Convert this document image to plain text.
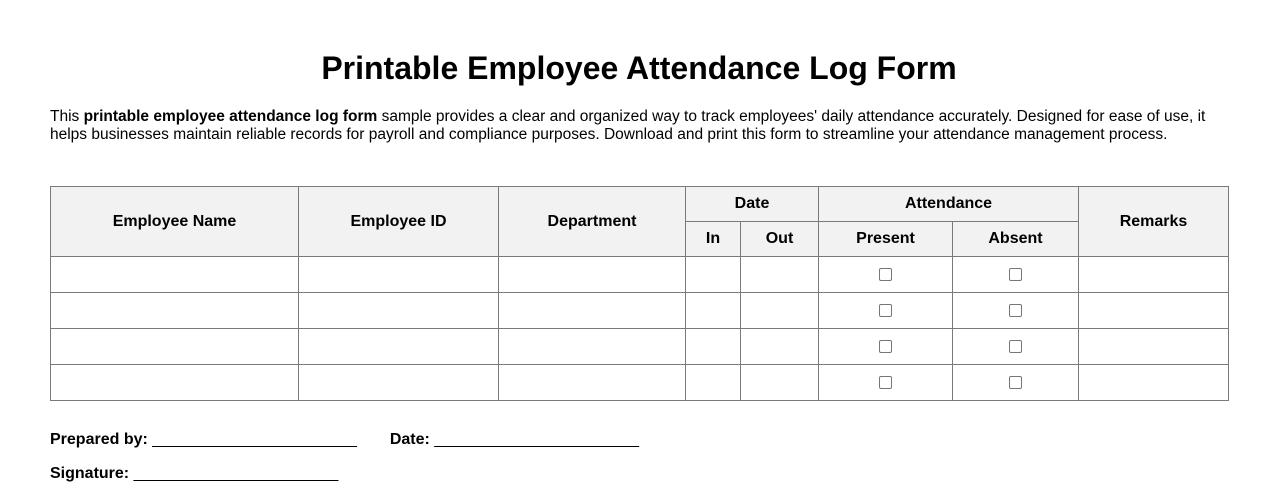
Printable Employee Attendance Log Form

This printable employee attendance log form sample provides a clear and organized way to track employees' daily attendance accurately. Designed for ease of use, it helps businesses maintain reliable records for payroll and compliance purposes. Download and print this form to streamline your attendance management process.

Employee Name	Employee ID	Department	Date		Attendance		Remarks
			In	Out	Present	Absent	

Prepared by: _______________________ Date: _______________________
Signature: _______________________
